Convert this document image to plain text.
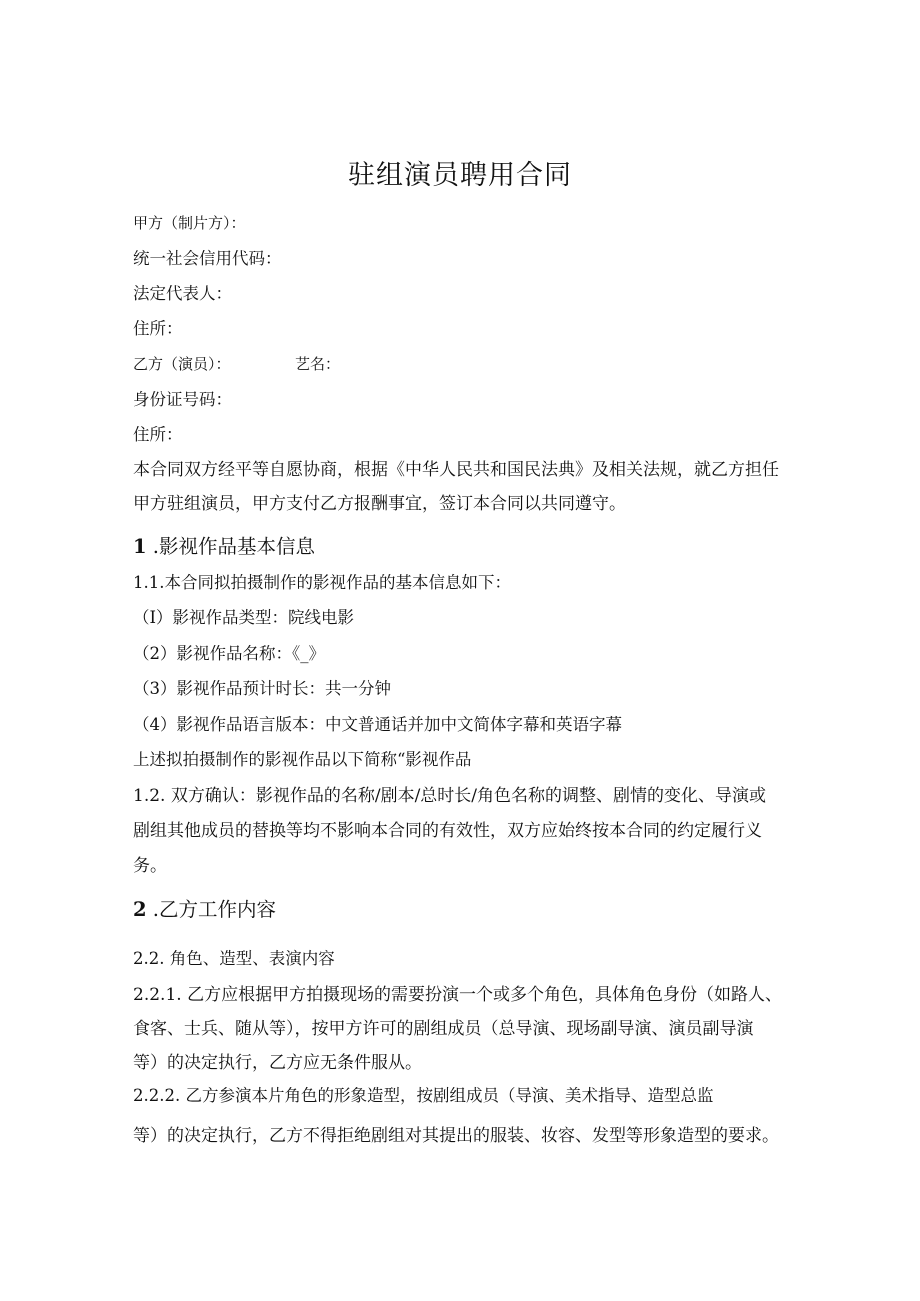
驻组演员聘用合同
甲方（制片方）：
统一社会信用代码：
法定代表人：
住所：
乙方（演员）：	艺名：
身份证号码：
住所：
本合同双方经平等自愿协商，根据《中华人民共和国民法典》及相关法规，就乙方担任
甲方驻组演员，甲方支付乙方报酬事宜，签订本合同以共同遵守。
1 .影视作品基本信息
1.1.本合同拟拍摄制作的影视作品的基本信息如下：
（I）影视作品类型：院线电影
（2）影视作品名称：《_》
（3）影视作品预计时长：共一分钟
（4）影视作品语言版本：中文普通话并加中文简体字幕和英语字幕
上述拟拍摄制作的影视作品以下简称“影视作品
1.2. 双方确认：影视作品的名称/剧本/总时长/角色名称的调整、剧情的变化、导演或
剧组其他成员的替换等均不影响本合同的有效性，双方应始终按本合同的约定履行义
务。
2 .乙方工作内容
2.2. 角色、造型、表演内容
2.2.1. 乙方应根据甲方拍摄现场的需要扮演一个或多个角色，具体角色身份（如路人、
食客、士兵、随从等），按甲方许可的剧组成员（总导演、现场副导演、演员副导演
等）的决定执行，乙方应无条件服从。
2.2.2. 乙方参演本片角色的形象造型，按剧组成员（导演、美术指导、造型总监
等）的决定执行，乙方不得拒绝剧组对其提出的服装、妆容、发型等形象造型的要求。
